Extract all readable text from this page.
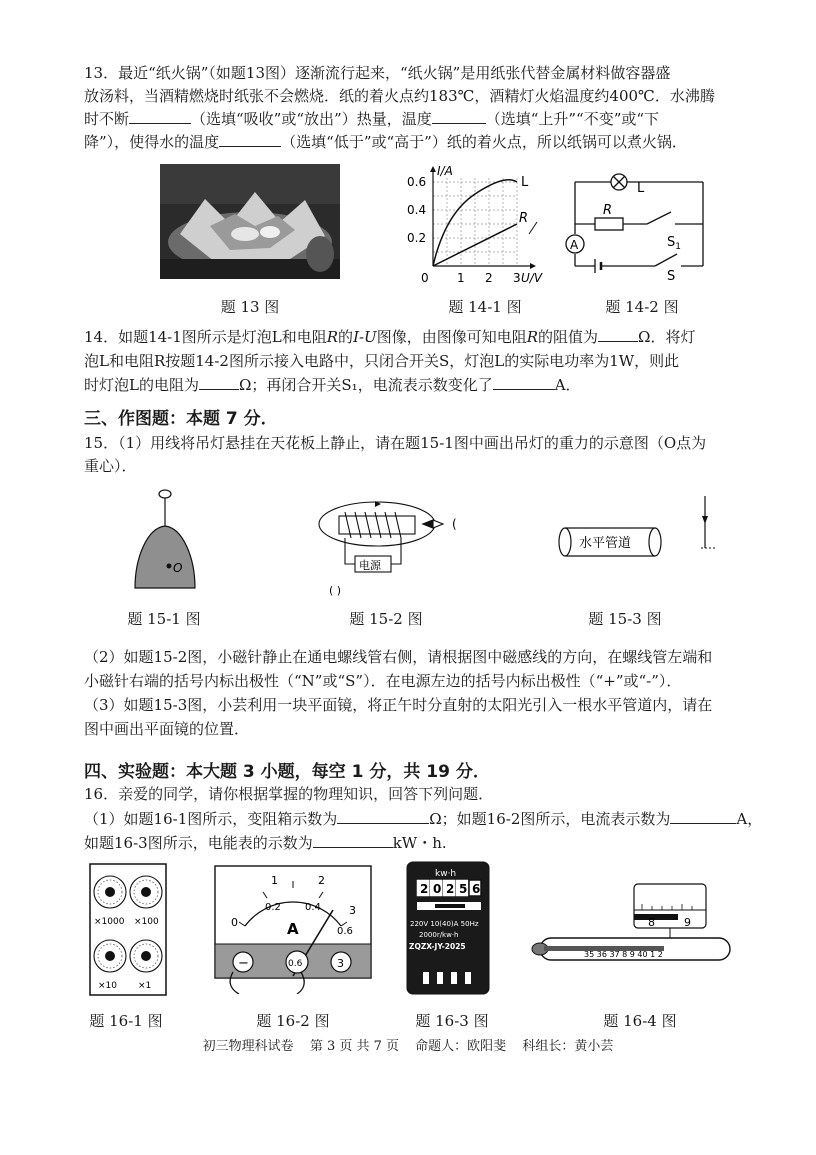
13．最近“纸火锅”（如题13图）逐渐流行起来，“纸火锅”是用纸张代替金属材料做容器盛
放汤料，当酒精燃烧时纸张不会燃烧．纸的着火点约183℃，酒精灯火焰温度约400℃．水沸腾
时不断	（选填“吸收”或“放出”）热量，温度	（选填“上升”“不变”或“下
降”），使得水的温度	（选填“低于”或“高于”）纸的着火点，所以纸锅可以煮火锅．
题 13 图
I/A
U/V
0.6
0.4
0.2
0 1 2 3
L
R
题 14-1 图
L
R
A	$S_1$
S
题 14-2 图
14．如题14-1图所示是灯泡L和电阻R的I-U图像，由图像可知电阻R的阻值为	Ω．将灯
泡L和电阻R按题14-2图所示接入电路中，只闭合开关S，灯泡L的实际电功率为1W，则此
时灯泡L的电阻为	Ω；再闭合开关S₁，电流表示数变化了	A．
三、作图题：本题 7 分．
15．（1）用线将吊灯悬挂在天花板上静止，请在题15-1图中画出吊灯的重力的示意图（O点为
重心）．
O
题 15-1 图
电源
( )
(
题 15-2 图
水平管道
题 15-3 图
（2）如题15-2图，小磁针静止在通电螺线管右侧，请根据图中磁感线的方向，在螺线管左端和
小磁针右端的括号内标出极性（“N”或“S”）．在电源左边的括号内标出极性（“+”或“-”）．
（3）如题15-3图，小芸利用一块平面镜，将正午时分直射的太阳光引入一根水平管道内，请在
图中画出平面镜的位置．
四、实验题：本大题 3 小题，每空 1 分，共 19 分．
16．亲爱的同学，请你根据掌握的物理知识，回答下列问题．
（1）如题16-1图所示，变阻箱示数为	Ω；如题16-2图所示，电流表示数为	A，
如题16-3图所示，电能表的示数为	kW・h.
×1000 ×100
×10 ×1
题 16-1 图
0
1	2
3
0.2 0.4
0.6
A
−	0.6	3
题 16-2 图
kw·h
2 0 2 5 6
220V 10(40)A 50Hz
2000r/kw·h
ZQZX-JY-2025
题 16-3 图
8	9
35 36 37 8 9 40 1 2
题 16-4 图
初三物理科试卷 第 3 页 共 7 页 命题人：欧阳斐 科组长：黄小芸
